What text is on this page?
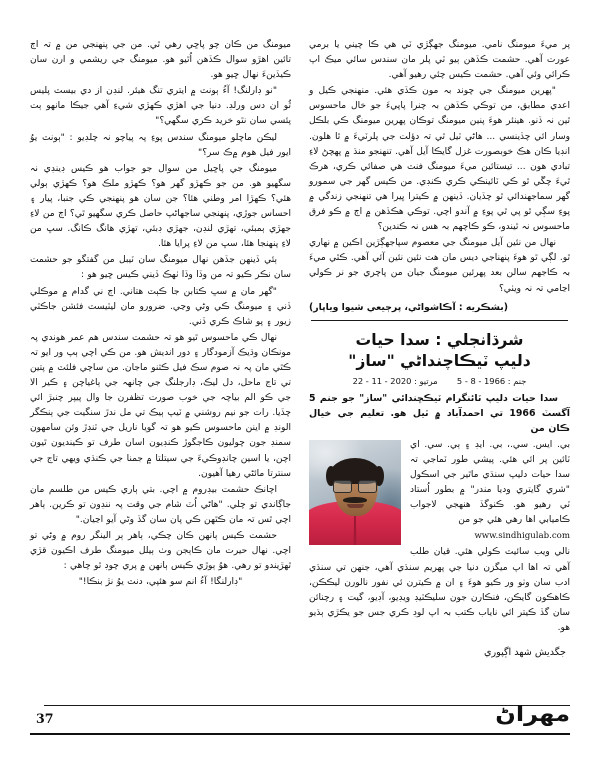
ميومنگ من ڪان چو پاڇي رهي ٿي. من جي پنهنجي من ۾ تہ اڄ تائين اهڙو سوال ڪڏهن اُٿيو ھو. ميومنگ جي ريشمي و ارن سان ڪيڏينءَ نهال ڇيو ھو.

"نو ڊارلنگ! آءُ ٻونٽ ۾ ايتري تنگ هيئر. لنڊن از دي بيسٽ پليس ٿُو ان دس ورلڊ. دنيا جي اهڙي ڪهڙي شيءِ آهي جيڪا مانهو ٻت پئسي سان نٿو خريد ڪري سگهي؟"

ليڪن ماچلو ميومنگ سندس پوءِ پہ پياچو نہ چلڊيو : "ٻونٽ يوُ ايور فيل هوم ۾ڪ سر؟"

ميومنگ جي پاڇيل من سوال جو جواب هو ڪيس ڊينڊي نہ سگهيو هو. من جو ڪهڙو گهر هو؟ ڪهڙو ملڪ هو؟ ڪهڙي ٻولي هئي؟ ڪهڙا امر وطني هئا؟ جن سان هو پنهنجي ڪي جنبا، پيار ۽ احساس جوڙي، پنهنجي ساجهاڻپ حاصل ڪري سگهيو ٿي؟ اڄ من لاءِ جهڙي ٻمبئي، تهڙي لنڊن، جهڙي ڊبئي، تهڙي هانگ ڪانگ. سڀ من لاءِ پنهنجا هئا، سڀ من لاءِ پرايا هئا.

ٻئي ڏينهن جڏهن نهال ميومنگ سان ٽيبل من گفتگو جو حشمت سان نڪر ڪيو تہ من وڏا وڏا ٺهڪ ڏيني ڪيس ڇيو هو :

"گهر مان ۾ سڀ ڪتابن جا ڪٻٽ هتاني. اڄ ني گدام ۾ موڪلي ڏني ۽ ميومنگ ڪي وڻي وڃي. ضرورو مان ليٽيسٽ فئشن جاڪٽي زيور ۽ پو شاڪ ڪري ڏني.

نهال ڪي ماحسوس ٿيو هو تہ حشمت سندس هم عمر هوندي پہ مونڪان وڌيڪ آزمودگار ۽ دور انديش هو. من ڪي اچي ٻپ ور ايو تہ ڪٿي مان پہ نہ صوم سڪ فيل ڪثنو ماجان. من ساچي فلئٽ ۾ پتين تي تاج ماحل، دل ليڪ، ڊارجلنگ جي چانهہ جي ٻاغياچن ۽ ڪير الا جي ڪو الم بياچہ جي خوب صورت تظفرن جا وال پيپر چنبڙ ائي چڏيا. رات جو نيم روشني ۾ ٽيپ ٻيڪ تي مل ندڙ سنگيت جي ٻنڪگر الونڊ ۾ اينن ماحسوس ڪيو هو تہ گويا ناريل جي ٽنڊڙ وئن سامهون سمنڊ جون چوليون ڪاجگوڙ ڪنڊيون اسان طرف تو ڪينديون ٿيون اچن، يا اسين چانڊوڪيءَ جي سيتلتا ۾ جمنا جي ڪنڌي ويهي تاج جي سنترتا مائڻي رهيا آهيون.

اچانڪ حشمت بيڊروم ۾ اچي. بتي ٻاري ڪيس من طلسم مان جاڳاندي تو چلي. "هاڻي اُٽ شام جي وقت پہ ننڊون تو ڪرين. ٻاهر اچي ٿس تہ مان ڪٿهن ڪي پان سان گڏ وڻي آيو اڃيان."

حشمت ڪيس ٻانهن ڪان چڪي، ٻاهر ٻر الينگر روم ۾ وڻي تو اچي. نهال حيرت مان ڪاٻجن وٺ ٻيلل ميومنگ طرف اڪيون قڙي ٿهڙيندو تو رهي. هوُ ٻوڙي ڪيس ٻانهن ۾ پري چوڊ ٿو چاهي :

"ڊارلنگا! آءُ انم سو هئپي، دنٽ يوُ نڙ بنڪا!"

پر ميءَ ميومنگ نامي. ميومنگ جهڳڙي ٽي هي ڪا چيني يا برمي عورت آهي. حشمت ڪڏهن ٻيو ٽي پلر مان سندس سائي ميڪ اپ ڪرائي وئي آهي. حشمت ڪيس چئي رهيو آهي.

"پهرين ميومنگ جي چوند بہ مون ڪڏي هئي. منهنجي ڪيل و اعدي مطابق، من توڪي ڪڏهن بہ چنرا پاپيءَ جو خال ماحسوس ٿين نہ ڏنو. هينئر هوءَ پنين ميومنگ توڪان پهرين ميومنگ ڪي بلڪل وسار ائي چڏينسي ... هاڻي ٽيل ٿي تہ دؤلت جي پلرٽيءَ ۾ ٿا هلون. انڊيا ڪان هڪ خوبصورت غزل گايڪا آيل آهي. تنهنجو منڌ ۾ پهچڻ لاءِ تبادي هون ... تيستائين ميءَ ميومنگ فنٽ هي صفائي ڪري، هرڪ ٿيءَ چڱي ٿو ڪي ٽائينڪي ڪري ڪنڊي. من ڪيس گهر جي سمورو گهر سماجهندائي ٿو چڏيان. ڏينهن ۾ ڪيترا ڀيرا هي تنهنجي زندگي ۾ پوءِ سڳي ٿو پي ٿي پوءِ ۾ آندو اچي. توڪي هڪڏهن ۾ اڄ ۾ ڪو فرق ماحسوس نہ ٿيندو، ڪو ڪاچهم بہ هس نہ ڪندين؟

نهال من نئين آيل ميومنگ جي معصوم سپاجهڳڙين اڪين ۾ نهاري ٿو. لڳي ٿو هوءَ پنهناجي ديس مان هت نئين نئين آئي آهي. ڪٿي ميءَ بہ ڪاجهم سالن بعد پهرئين ميومنگ جيان من پاچري جو نر ڪولي اڃامي تہ نہ ويٺي؟

(بشڪريه : آڪاشواڻي، پرڄيعي شيوا وياپار)
شرڌانجلي : سدا حيات
دليپ ٽيڪاچنداڻي "ساز"
جنم : 1966 - 8 - 5  مرتيو : 2020 - 11 - 22

سدا حيات دليپ ٽائنگرام ٽيڪڇندائي "ساز" جو جنم 5 آگسٽ 1966 تي احمدآباد ۾ ٽيل ھو. تعليم جي خيال ڪان من

بي. ايس. سي.، بي. ايڊ ۽ ٻي. سي. اي ٽائين پر ائي هئي. پيشي طور ٽماجي تہ سدا حيات دليپ سنڌي ماٿير جي اسڪول "شري گايتري وديا مندر" ۾ بطور اُستاد ٽي رهيو ھو. ڪنوگڏ هنهجي لاجواب ڪاميابي اها رهي هئي جو من

www.sindhigulab.com

نالي ويب سائيٽ ڪولي هئي. قيان طلب آهي تہ اها اپ ميگزن دنيا جي پهريم سنڌي آهي، جنهن تي سنڌي ادب سان وٺو ور ڪيو هوءَ ۽ ان ۾ ڪيترن ئي نفور نالورن ليڪڪن، ڪاهڪون گايڪن، فنڪارن جون سليڪٽيڊ ويڊيو، آڊيو، گيت ۽ رچنائن سان گڏ ڪيتر ائي ناياب ڪتب بہ اپ لوڊ ڪري جس جو يڪڙي ٻڌيو هو.

جگديش شهد اڳپوري
37	مهراڻ
